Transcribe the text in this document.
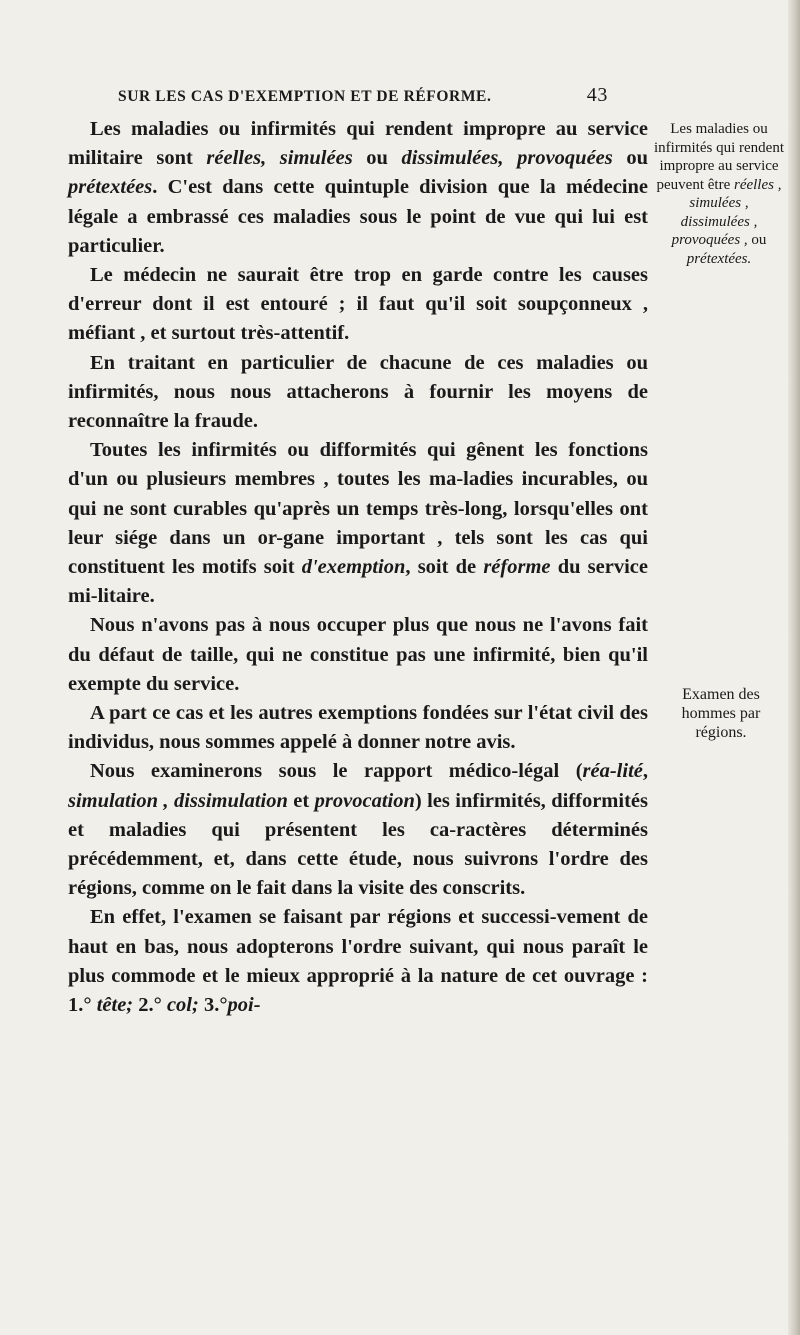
SUR LES CAS D'EXEMPTION ET DE RÉFORME.	43

Les maladies ou infirmités qui rendent impropre au service militaire sont réelles, simulées ou dissimulées, provoquées ou prétextées. C'est dans cette quintuple division que la médecine légale a embrassé ces maladies sous le point de vue qui lui est particulier.

Le médecin ne saurait être trop en garde contre les causes d'erreur dont il est entouré ; il faut qu'il soit soupçonneux , méfiant , et surtout très-attentif.

En traitant en particulier de chacune de ces maladies ou infirmités, nous nous attacherons à fournir les moyens de reconnaître la fraude.

Toutes les infirmités ou difformités qui gênent les fonctions d'un ou plusieurs membres , toutes les ma-ladies incurables, ou qui ne sont curables qu'après un temps très-long, lorsqu'elles ont leur siége dans un or-gane important , tels sont les cas qui constituent les motifs soit d'exemption, soit de réforme du service mi-litaire.

Nous n'avons pas à nous occuper plus que nous ne l'avons fait du défaut de taille, qui ne constitue pas une infirmité, bien qu'il exempte du service.

A part ce cas et les autres exemptions fondées sur l'état civil des individus, nous sommes appelé à donner notre avis.

Nous examinerons sous le rapport médico-légal (réa-lité, simulation , dissimulation et provocation) les infirmités, difformités et maladies qui présentent les ca-ractères déterminés précédemment, et, dans cette étude, nous suivrons l'ordre des régions, comme on le fait dans la visite des conscrits.

En effet, l'examen se faisant par régions et successi-vement de haut en bas, nous adopterons l'ordre suivant, qui nous paraît le plus commode et le mieux approprié à la nature de cet ouvrage : 1.° tête; 2.° col; 3.°poi-

Les maladies ou infirmités qui rendent impropre au service peuvent être réelles , simulées , dissimulées , provoquées , ou prétextées.
Examen des hommes par régions.
